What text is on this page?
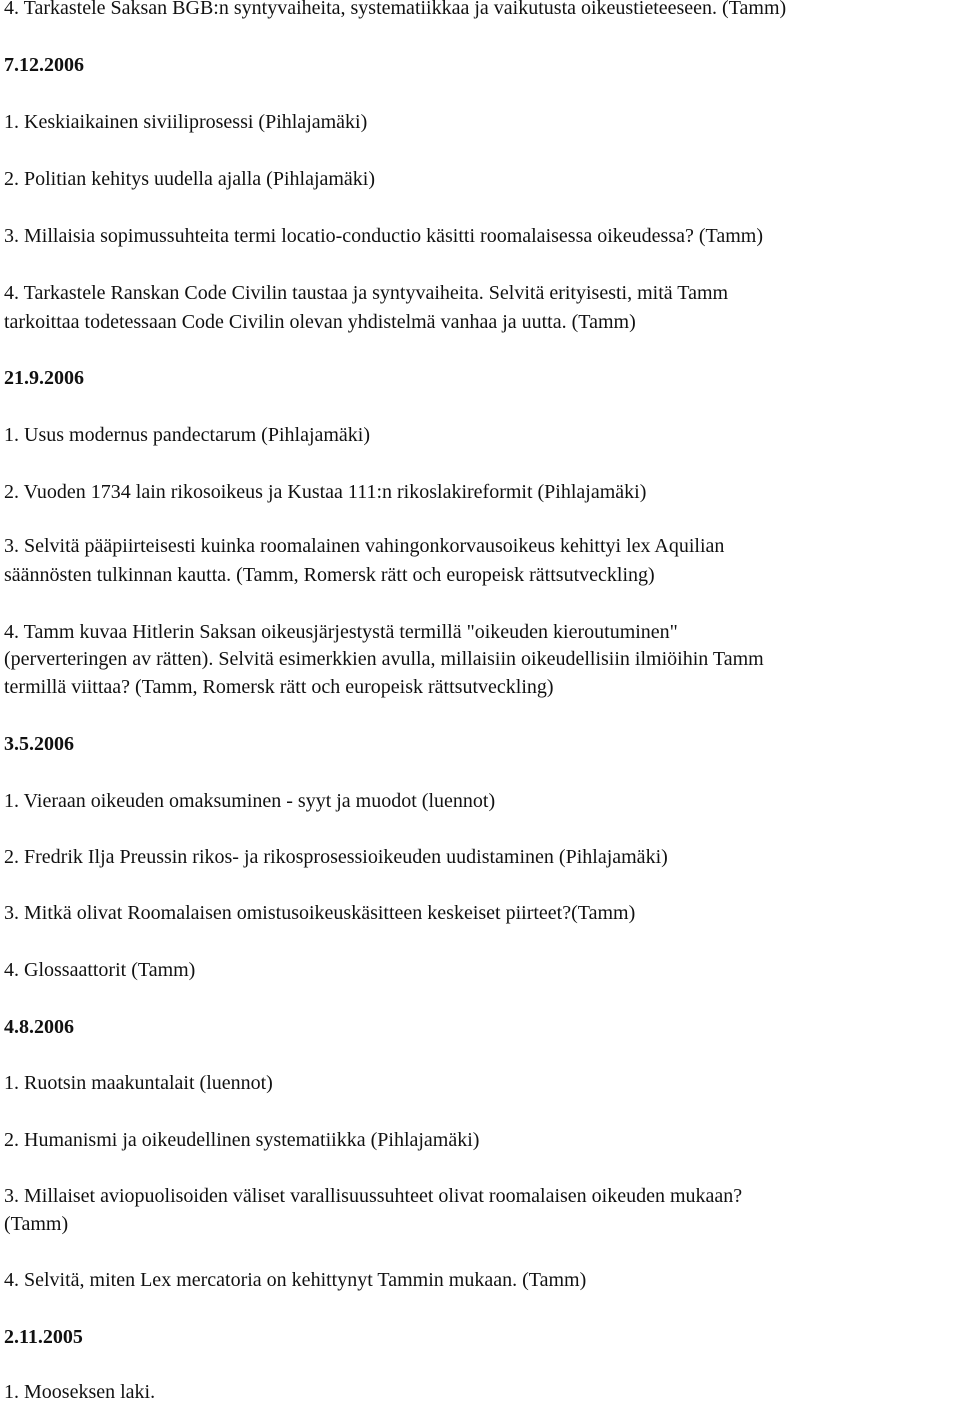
4. Tarkastele Saksan BGB:n syntyvaiheita, systematiikkaa ja vaikutusta oikeustieteeseen. (Tamm)

7.12.2006

1. Keskiaikainen siviiliprosessi (Pihlajamäki)

2. Politian kehitys uudella ajalla (Pihlajamäki)

3. Millaisia sopimussuhteita termi locatio-conductio käsitti roomalaisessa oikeudessa? (Tamm)

4. Tarkastele Ranskan Code Civilin taustaa ja syntyvaiheita. Selvitä erityisesti, mitä Tamm

tarkoittaa todetessaan Code Civilin olevan yhdistelmä vanhaa ja uutta. (Tamm)

21.9.2006

1. Usus modernus pandectarum (Pihlajamäki)

2. Vuoden 1734 lain rikosoikeus ja Kustaa 111:n rikoslakireformit (Pihlajamäki)

3. Selvitä pääpiirteisesti kuinka roomalainen vahingonkorvausoikeus kehittyi lex Aquilian

säännösten tulkinnan kautta. (Tamm, Romersk rätt och europeisk rättsutveckling)

4. Tamm kuvaa Hitlerin Saksan oikeusjärjestystä termillä "oikeuden kieroutuminen"

(perverteringen av rätten). Selvitä esimerkkien avulla, millaisiin oikeudellisiin ilmiöihin Tamm

termillä viittaa? (Tamm, Romersk rätt och europeisk rättsutveckling)

3.5.2006

1. Vieraan oikeuden omaksuminen - syyt ja muodot (luennot)

2. Fredrik Ilja Preussin rikos- ja rikosprosessioikeuden uudistaminen (Pihlajamäki)

3. Mitkä olivat Roomalaisen omistusoikeuskäsitteen keskeiset piirteet?(Tamm)

4. Glossaattorit (Tamm)

4.8.2006

1. Ruotsin maakuntalait (luennot)

2. Humanismi ja oikeudellinen systematiikka (Pihlajamäki)

3. Millaiset aviopuolisoiden väliset varallisuussuhteet olivat roomalaisen oikeuden mukaan?

(Tamm)

4. Selvitä, miten Lex mercatoria on kehittynyt Tammin mukaan. (Tamm)

2.11.2005

1. Mooseksen laki.
